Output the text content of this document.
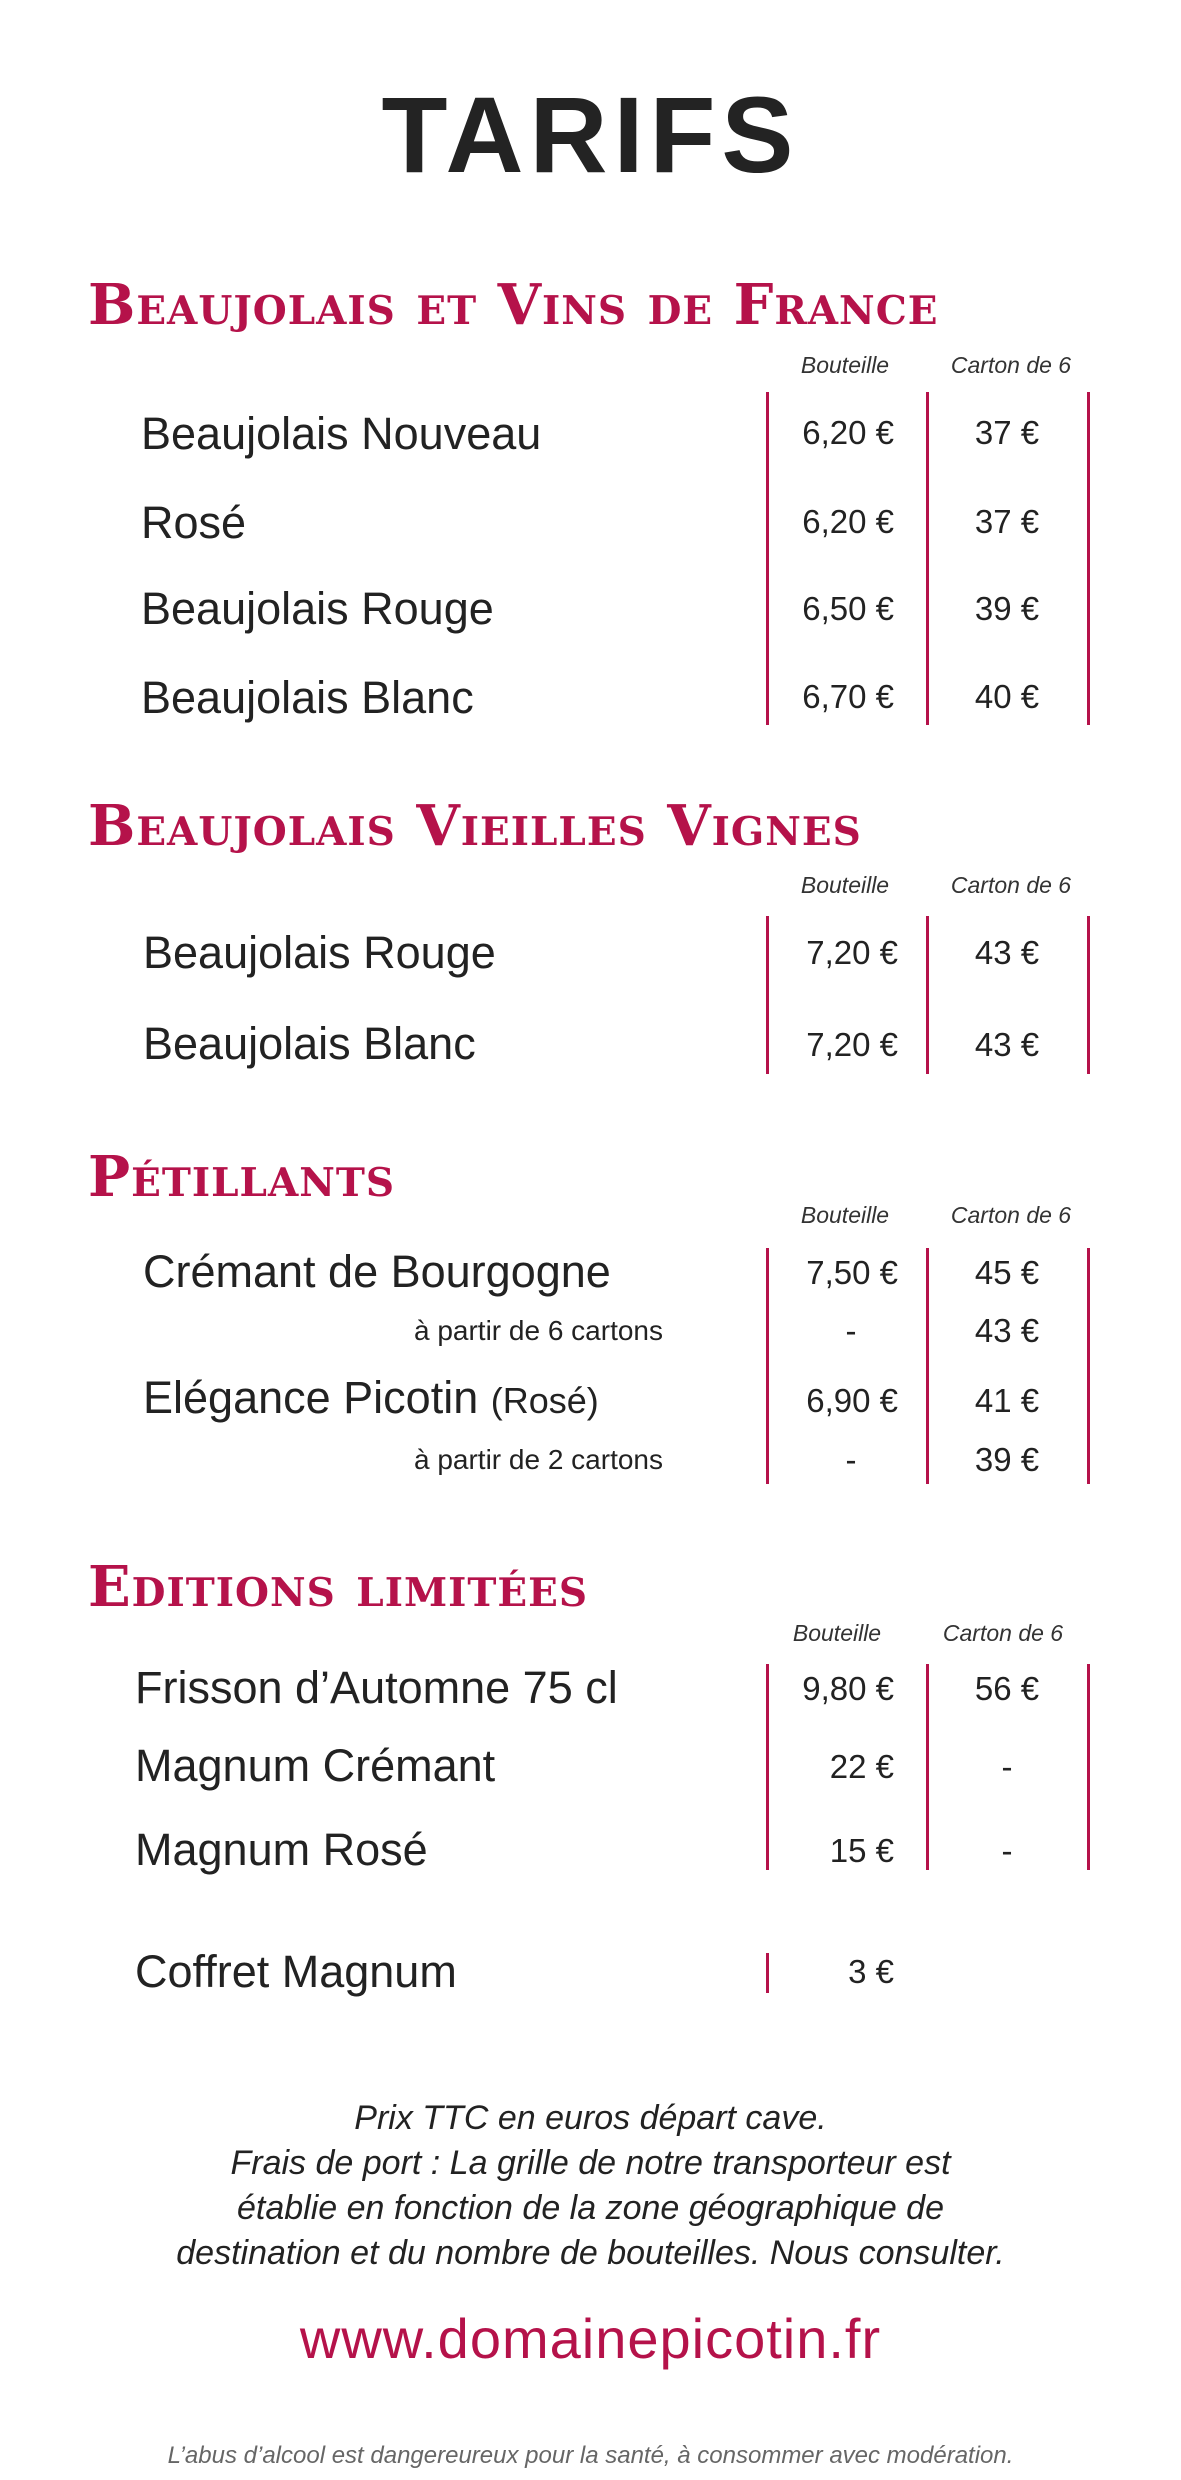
TARIFS
Beaujolais et Vins de France
Bouteille	Carton de 6
Beaujolais Nouveau	6,20 €	37 €
Rosé	6,20 €	37 €
Beaujolais Rouge	6,50 €	39 €
Beaujolais Blanc	6,70 €	40 €
Beaujolais Vieilles Vignes
Bouteille	Carton de 6
Beaujolais Rouge	7,20 €	43 €
Beaujolais Blanc	7,20 €	43 €
Pétillants
Bouteille	Carton de 6
Crémant de Bourgogne	7,50 €	45 €
à partir de 6 cartons	-	43 €
Elégance Picotin (Rosé)	6,90 €	41 €
à partir de 2 cartons	-	39 €
Editions limitées
Bouteille	Carton de 6
Frisson d’Automne 75 cl	9,80 €	56 €
Magnum Crémant	22 €	-
Magnum Rosé	15 €	-
Coffret Magnum	3 €
Prix TTC en euros départ cave.
Frais de port : La grille de notre transporteur est
établie en fonction de la zone géographique de
destination et du nombre de bouteilles. Nous consulter.
www.domainepicotin.fr
L’abus d’alcool est dangereureux pour la santé, à consommer avec modération.
